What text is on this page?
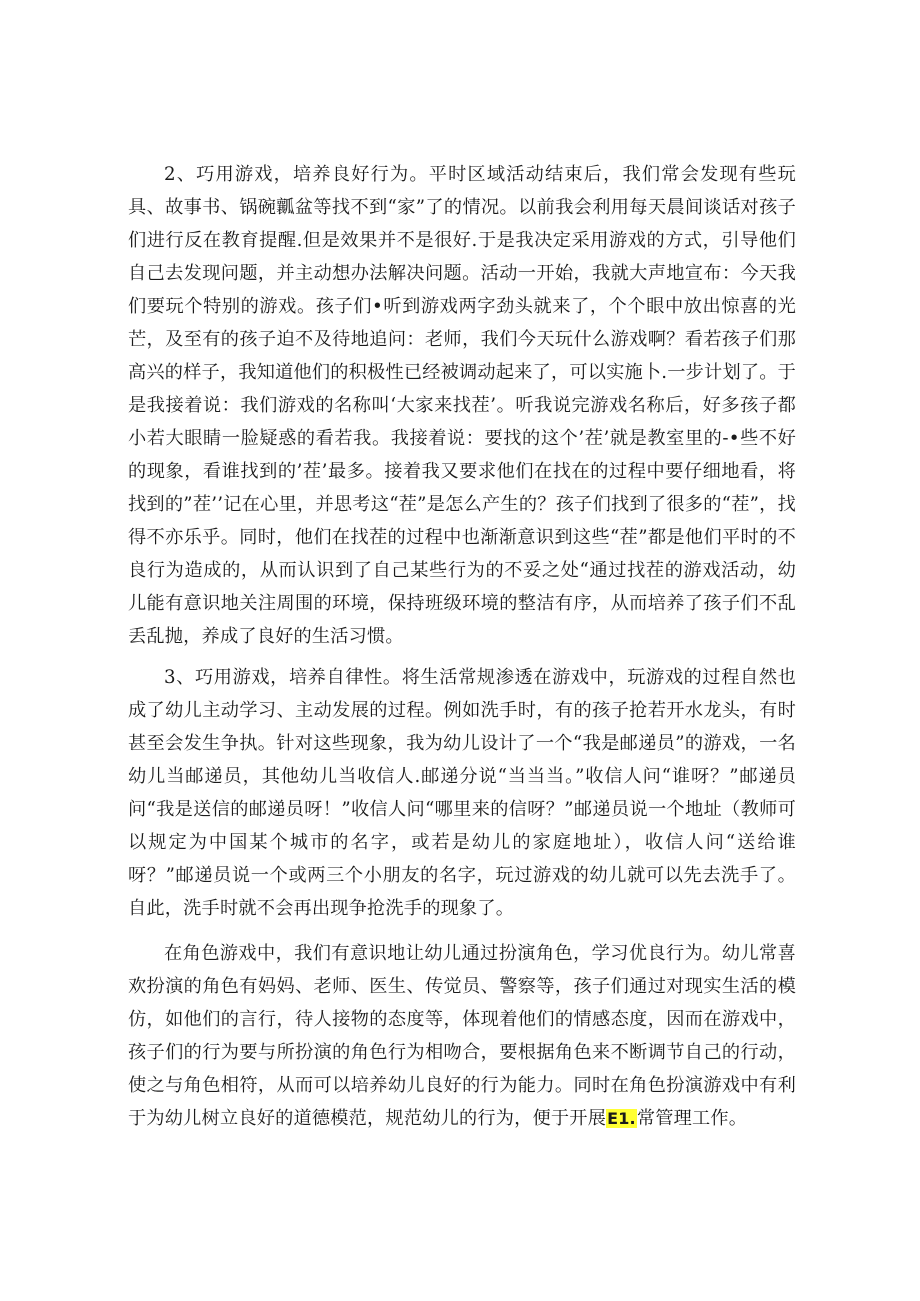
2、巧用游戏，培养良好行为。平时区域活动结束后，我们常会发现有些玩具、故事书、锅碗瓤盆等找不到“家”了的情况。以前我会利用每天晨间谈话对孩子们进行反在教育提醒.但是效果并不是很好.于是我决定采用游戏的方式，引导他们自己去发现问题，并主动想办法解决问题。活动一开始，我就大声地宣布：今天我们要玩个特别的游戏。孩子们•听到游戏两字劲头就来了，个个眼中放出惊喜的光芒，及至有的孩子迫不及待地追问：老师，我们今天玩什么游戏啊？看若孩子们那高兴的样子，我知道他们的积极性已经被调动起来了，可以实施卜.一步计划了。于是我接着说：我们游戏的名称叫‘大家来找茬’。听我说完游戏名称后，好多孩子都小若大眼睛一脸疑惑的看若我。我接着说：要找的这个’茬’就是教室里的-•些不好的现象，看谁找到的’茬’最多。接着我又要求他们在找在的过程中要仔细地看，将找到的”茬’’记在心里，并思考这“茬”是怎么产生的？孩子们找到了很多的“茬”，找得不亦乐乎。同时，他们在找茬的过程中也渐渐意识到这些“茬”都是他们平时的不良行为造成的，从而认识到了自己某些行为的不妥之处“通过找茬的游戏活动，幼儿能有意识地关注周围的环境，保持班级环境的整洁有序，从而培养了孩子们不乱丢乱抛，养成了良好的生活习惯。

3、巧用游戏，培养自律性。将生活常规渗透在游戏中，玩游戏的过程自然也成了幼儿主动学习、主动发展的过程。例如洗手时，有的孩子抢若开水龙头，有时甚至会发生争执。针对这些现象，我为幼儿设计了一个“我是邮递员”的游戏，一名幼儿当邮递员，其他幼儿当收信人.邮递分说“当当当。”收信人问“谁呀？”邮递员问“我是送信的邮递员呀！”收信人问“哪里来的信呀？”邮递员说一个地址（教师可以规定为中国某个城市的名字，或若是幼儿的家庭地址），收信人问“送给谁呀？”邮递员说一个或两三个小朋友的名字，玩过游戏的幼儿就可以先去洗手了。自此，洗手时就不会再出现争抢洗手的现象了。

在角色游戏中，我们有意识地让幼儿通过扮演角色，学习优良行为。幼儿常喜欢扮演的角色有妈妈、老师、医生、传觉员、警察等，孩子们通过对现实生活的模仿，如他们的言行，待人接物的态度等，体现着他们的情感态度，因而在游戏中，孩子们的行为要与所扮演的角色行为相吻合，要根据角色来不断调节自己的行动，使之与角色相符，从而可以培养幼儿良好的行为能力。同时在角色扮演游戏中有利于为幼儿树立良好的道德模范，规范幼儿的行为，便于开展E1.常管理工作。
